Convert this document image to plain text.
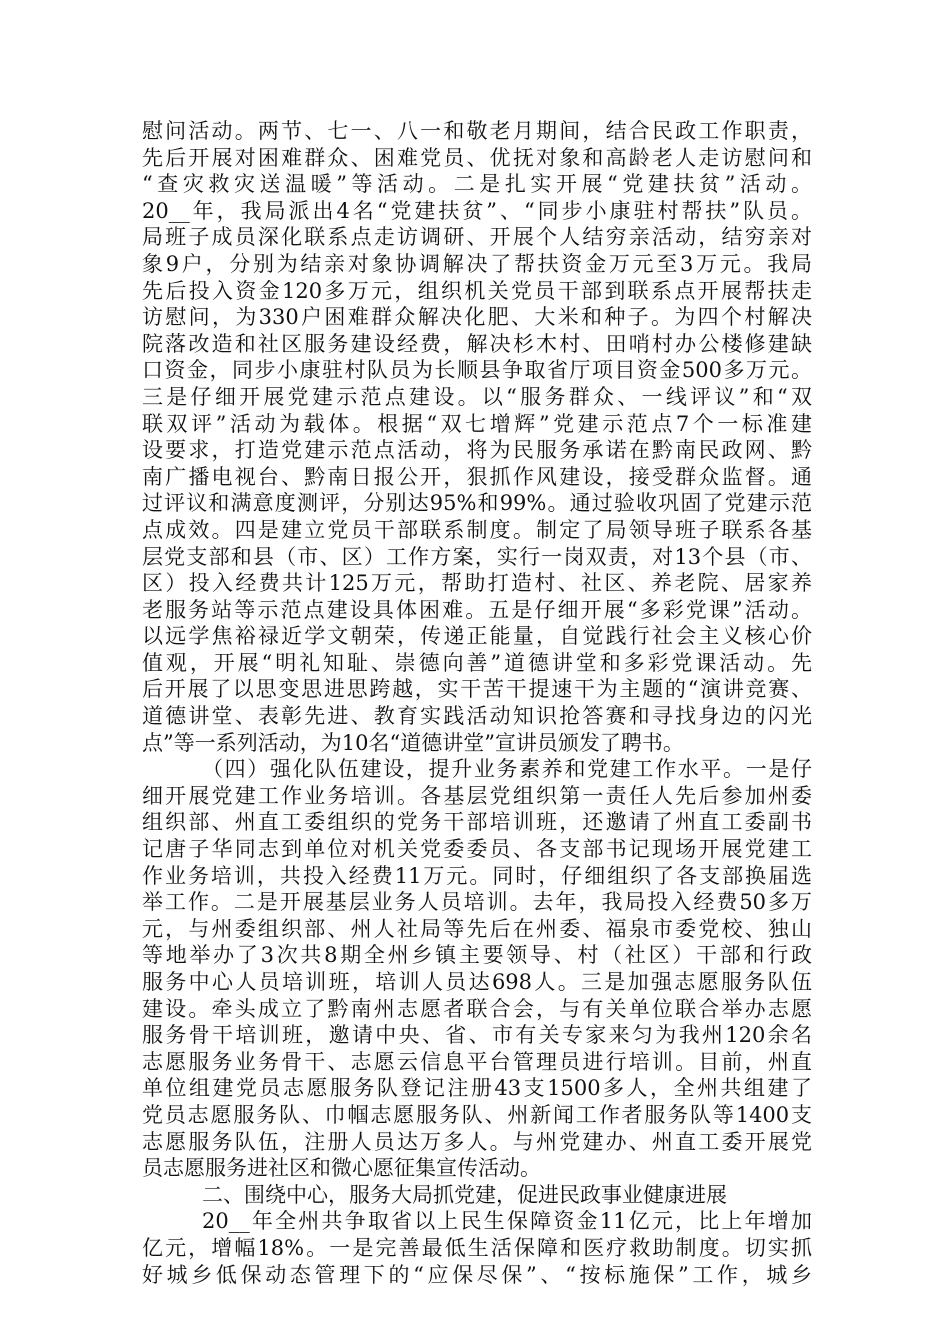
慰问活动。两节、七一、八一和敬老月期间，结合民政工作职责，
先后开展对困难群众、困难党员、优抚对象和高龄老人走访慰问和
“查灾救灾送温暖”等活动。二是扎实开展“党建扶贫”活动。
20__年，我局派出4名“党建扶贫”、“同步小康驻村帮扶”队员。
局班子成员深化联系点走访调研、开展个人结穷亲活动，结穷亲对
象9户，分别为结亲对象协调解决了帮扶资金万元至3万元。我局
先后投入资金120多万元，组织机关党员干部到联系点开展帮扶走
访慰问，为330户困难群众解决化肥、大米和种子。为四个村解决
院落改造和社区服务建设经费，解决杉木村、田哨村办公楼修建缺
口资金，同步小康驻村队员为长顺县争取省厅项目资金500多万元。
三是仔细开展党建示范点建设。以“服务群众、一线评议”和“双
联双评”活动为载体。根据“双七增辉”党建示范点7个一标准建
设要求，打造党建示范点活动，将为民服务承诺在黔南民政网、黔
南广播电视台、黔南日报公开，狠抓作风建设，接受群众监督。通
过评议和满意度测评，分别达95%和99%。通过验收巩固了党建示范
点成效。四是建立党员干部联系制度。制定了局领导班子联系各基
层党支部和县（市、区）工作方案，实行一岗双责，对13个县（市、
区）投入经费共计125万元，帮助打造村、社区、养老院、居家养
老服务站等示范点建设具体困难。五是仔细开展“多彩党课”活动。
以远学焦裕禄近学文朝荣，传递正能量，自觉践行社会主义核心价
值观，开展“明礼知耻、崇德向善”道德讲堂和多彩党课活动。先
后开展了以思变思进思跨越，实干苦干提速干为主题的“演讲竞赛、
道德讲堂、表彰先进、教育实践活动知识抢答赛和寻找身边的闪光
点”等一系列活动，为10名“道德讲堂”宣讲员颁发了聘书。
（四）强化队伍建设，提升业务素养和党建工作水平。一是仔
细开展党建工作业务培训。各基层党组织第一责任人先后参加州委
组织部、州直工委组织的党务干部培训班，还邀请了州直工委副书
记唐子华同志到单位对机关党委委员、各支部书记现场开展党建工
作业务培训，共投入经费11万元。同时，仔细组织了各支部换届选
举工作。二是开展基层业务人员培训。去年，我局投入经费50多万
元，与州委组织部、州人社局等先后在州委、福泉市委党校、独山
等地举办了3次共8期全州乡镇主要领导、村（社区）干部和行政
服务中心人员培训班，培训人员达698人。三是加强志愿服务队伍
建设。牵头成立了黔南州志愿者联合会，与有关单位联合举办志愿
服务骨干培训班，邀请中央、省、市有关专家来匀为我州120余名
志愿服务业务骨干、志愿云信息平台管理员进行培训。目前，州直
单位组建党员志愿服务队登记注册43支1500多人，全州共组建了
党员志愿服务队、巾帼志愿服务队、州新闻工作者服务队等1400支
志愿服务队伍，注册人员达万多人。与州党建办、州直工委开展党
员志愿服务进社区和微心愿征集宣传活动。
二、围绕中心，服务大局抓党建，促进民政事业健康进展
20__年全州共争取省以上民生保障资金11亿元，比上年增加
亿元，增幅18%。一是完善最低生活保障和医疗救助制度。切实抓
好城乡低保动态管理下的“应保尽保”、“按标施保”工作，城乡
